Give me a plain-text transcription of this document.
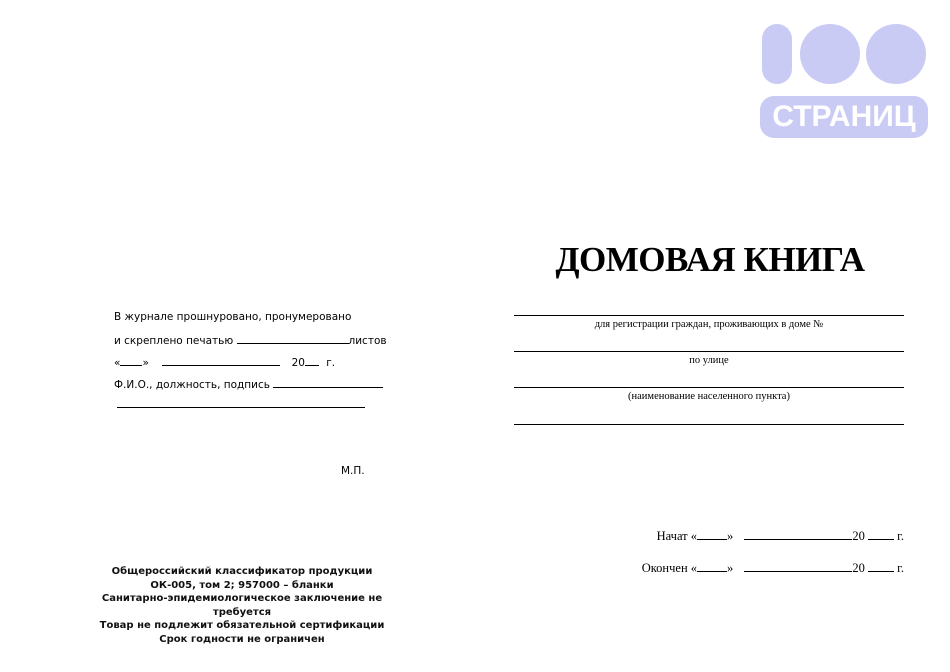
СТРАНИЦ
В журнале прошнуровано, пронумеровано
и скреплено печатью	листов
« »	20 г.
Ф.И.О., должность, подпись
М.П.
Общероссийский классификатор продукции
ОК-005, том 2; 957000 – бланки
Санитарно-эпидемиологическое заключение не требуется
Товар не подлежит обязательной сертификации
Срок годности не ограничен
ДОМОВАЯ КНИГА
для регистрации граждан, проживающих в доме №
по улице
(наименование населенного пункта)
Начат « »	20	г.
Окончен « »	20	г.
